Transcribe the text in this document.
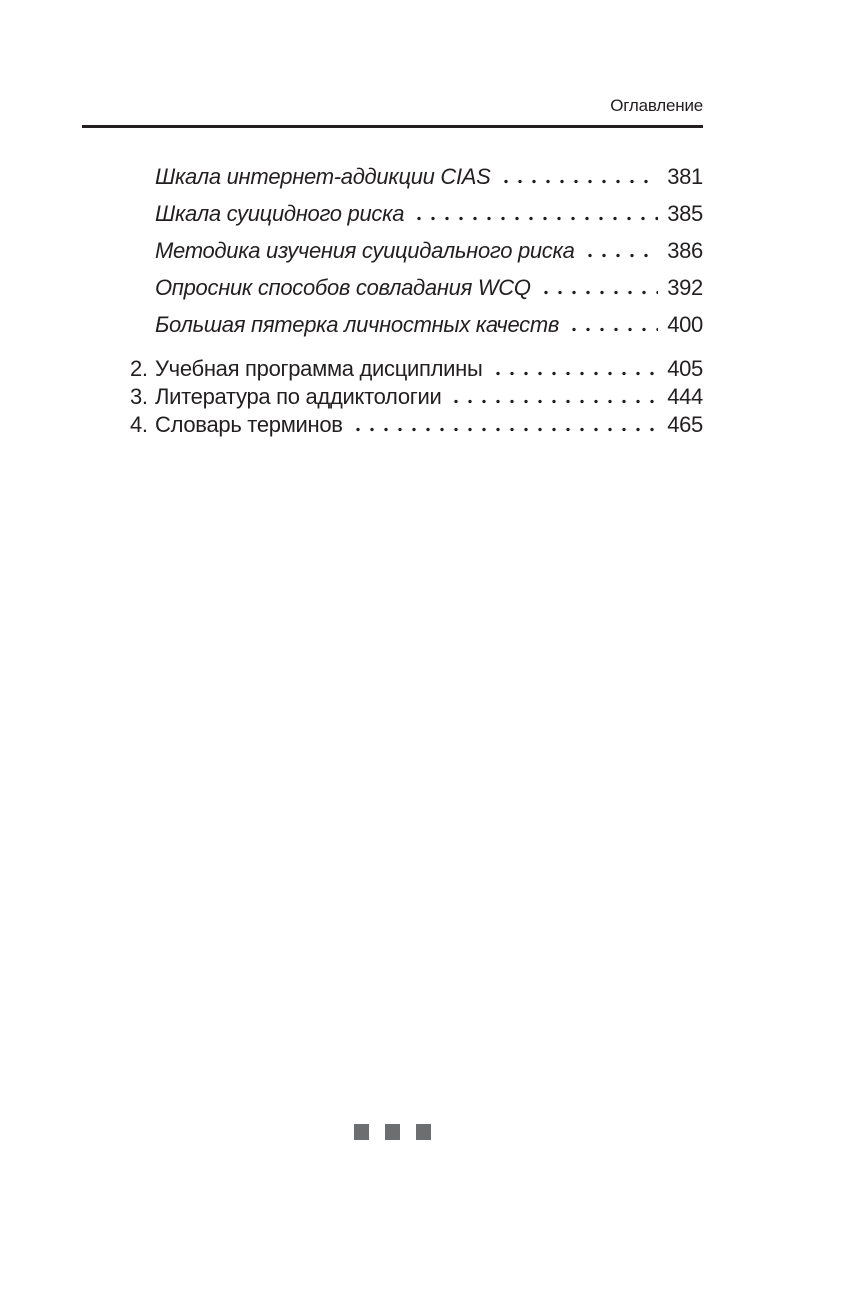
Оглавление
Шкала интернет-аддикции CIAS	381
Шкала суицидного риска	385
Методика изучения суицидального риска	386
Опросник способов совладания WCQ	392
Большая пятерка личностных качеств	400
2. Учебная программа дисциплины	405
3. Литература по аддиктологии	444
4. Словарь терминов	465
